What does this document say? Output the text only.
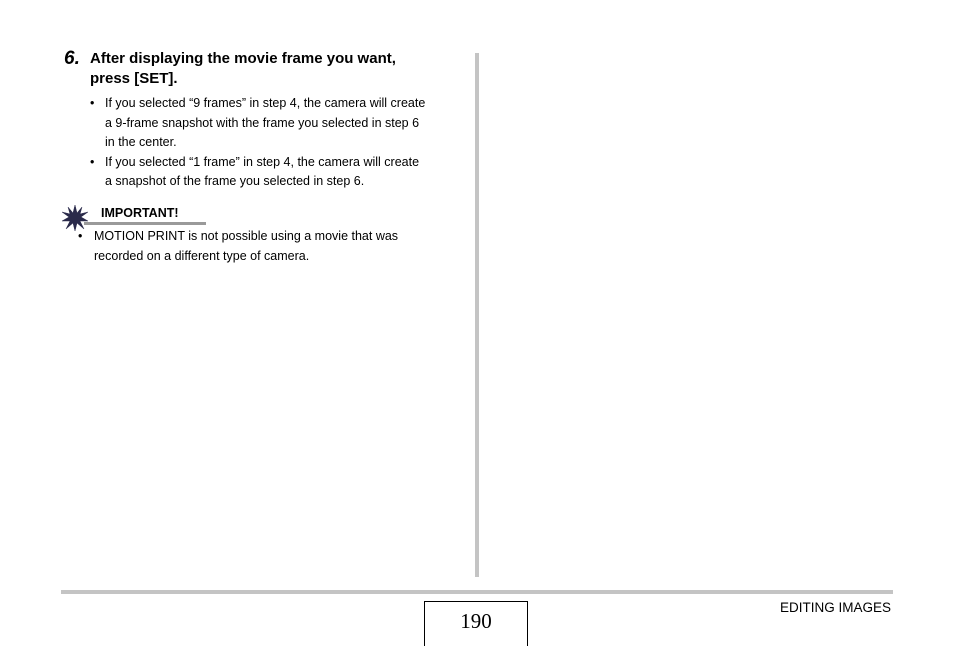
6. After displaying the movie frame you want,
press [SET].
• If you selected “9 frames” in step 4, the camera will create
a 9-frame snapshot with the frame you selected in step 6
in the center.
• If you selected “1 frame” in step 4, the camera will create
a snapshot of the frame you selected in step 6.
IMPORTANT!
• MOTION PRINT is not possible using a movie that was
recorded on a different type of camera.
190
EDITING IMAGES
